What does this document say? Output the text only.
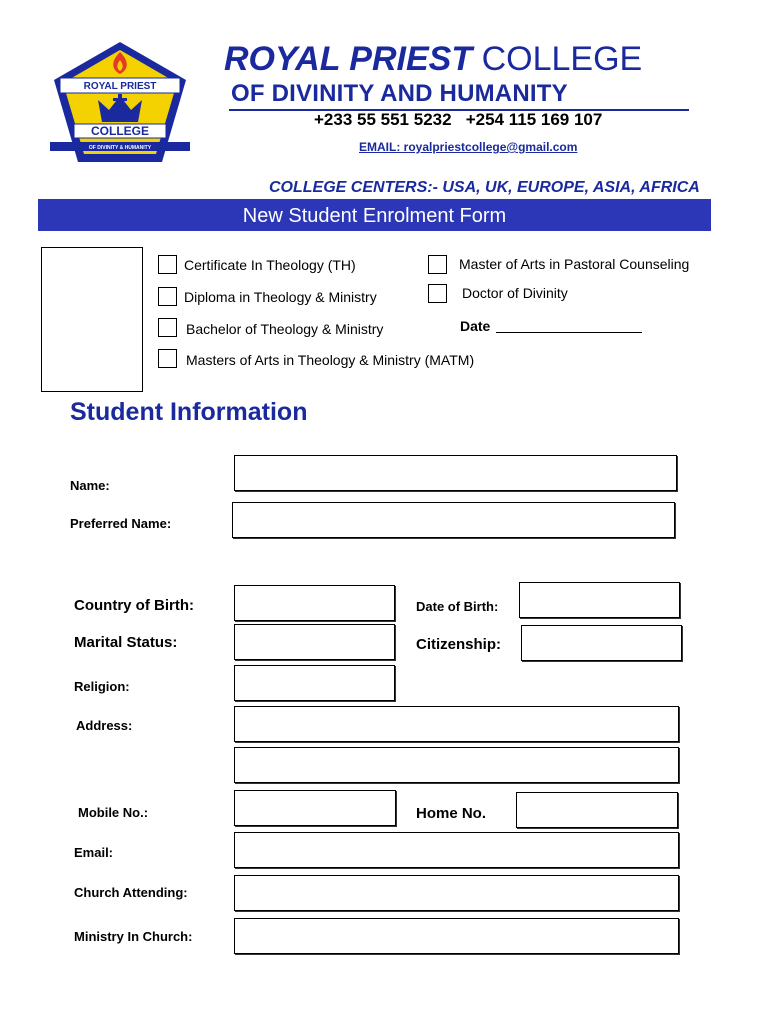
ROYAL PRIEST
COLLEGE
OF DIVINITY & HUMANITY
ROYAL PRIEST COLLEGE
OF DIVINITY AND HUMANITY
+233 55 551 5232   +254 115 169 107
EMAIL: royalpriestcollege@gmail.com
COLLEGE CENTERS:- USA, UK, EUROPE, ASIA, AFRICA
New Student Enrolment Form
Certificate In Theology (TH)
Diploma in Theology & Ministry
Bachelor of Theology & Ministry
Masters of Arts in Theology & Ministry (MATM)
Master of Arts in Pastoral Counseling
Doctor of Divinity
Date
Student Information
Name:
Preferred Name:
Country of Birth:	Date of Birth:
Marital Status:	Citizenship:
Religion:
Address:
Mobile No.:	Home No.
Email:
Church Attending:
Ministry In Church:
